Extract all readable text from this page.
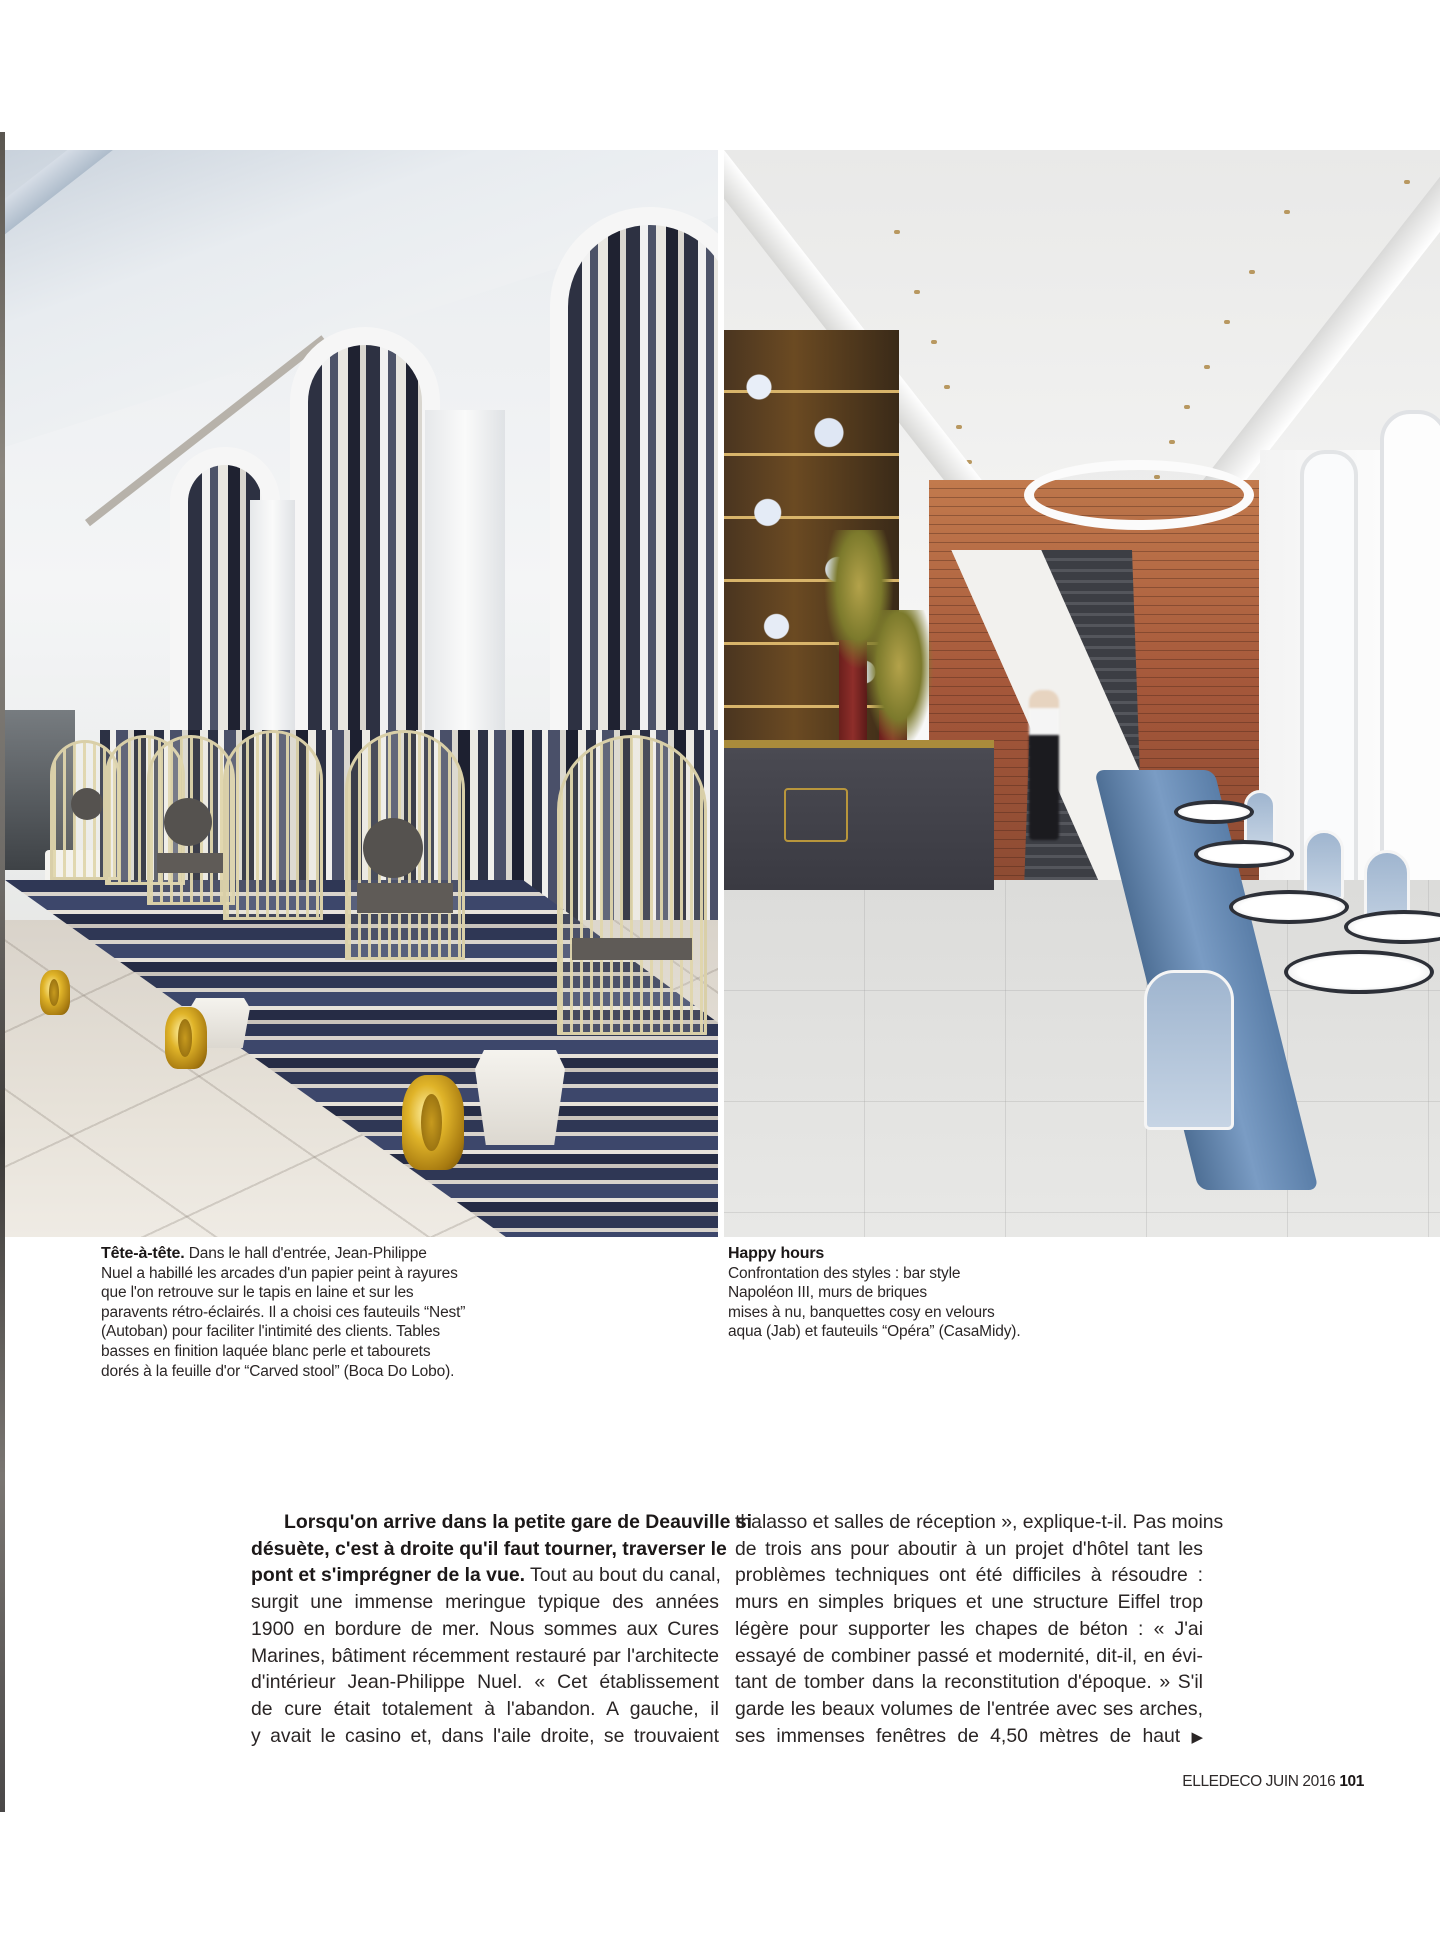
Tête-à-tête. Dans le hall d'entrée, Jean-Philippe
Nuel a habillé les arcades d'un papier peint à rayures
que l'on retrouve sur le tapis en laine et sur les
paravents rétro-éclairés. Il a choisi ces fauteuils “Nest”
(Autoban) pour faciliter l'intimité des clients. Tables
basses en finition laquée blanc perle et tabourets
dorés à la feuille d'or “Carved stool” (Boca Do Lobo).
Happy hours
Confrontation des styles : bar style
Napoléon III, murs de briques
mises à nu, banquettes cosy en velours
aqua (Jab) et fauteuils “Opéra” (CasaMidy).
Lorsqu'on arrive dans la petite gare de Deauville si
désuète, c'est à droite qu'il faut tourner, traverser le
pont et s'imprégner de la vue. Tout au bout du canal,
surgit une immense meringue typique des années
1900 en bordure de mer. Nous sommes aux Cures
Marines, bâtiment récemment restauré par l'architecte
d'intérieur Jean-Philippe Nuel. « Cet établissement
de cure était totalement à l'abandon. A gauche, il
y avait le casino et, dans l'aile droite, se trouvaient
thalasso et salles de réception », explique-t-il. Pas moins
de trois ans pour aboutir à un projet d'hôtel tant les
problèmes techniques ont été difficiles à résoudre :
murs en simples briques et une structure Eiffel trop
légère pour supporter les chapes de béton : « J'ai
essayé de combiner passé et modernité, dit-il, en évi-
tant de tomber dans la reconstitution d'époque. » S'il
garde les beaux volumes de l'entrée avec ses arches,
ses immenses fenêtres de 4,50 mètres de haut ▶
ELLEDECO JUIN 2016 101
